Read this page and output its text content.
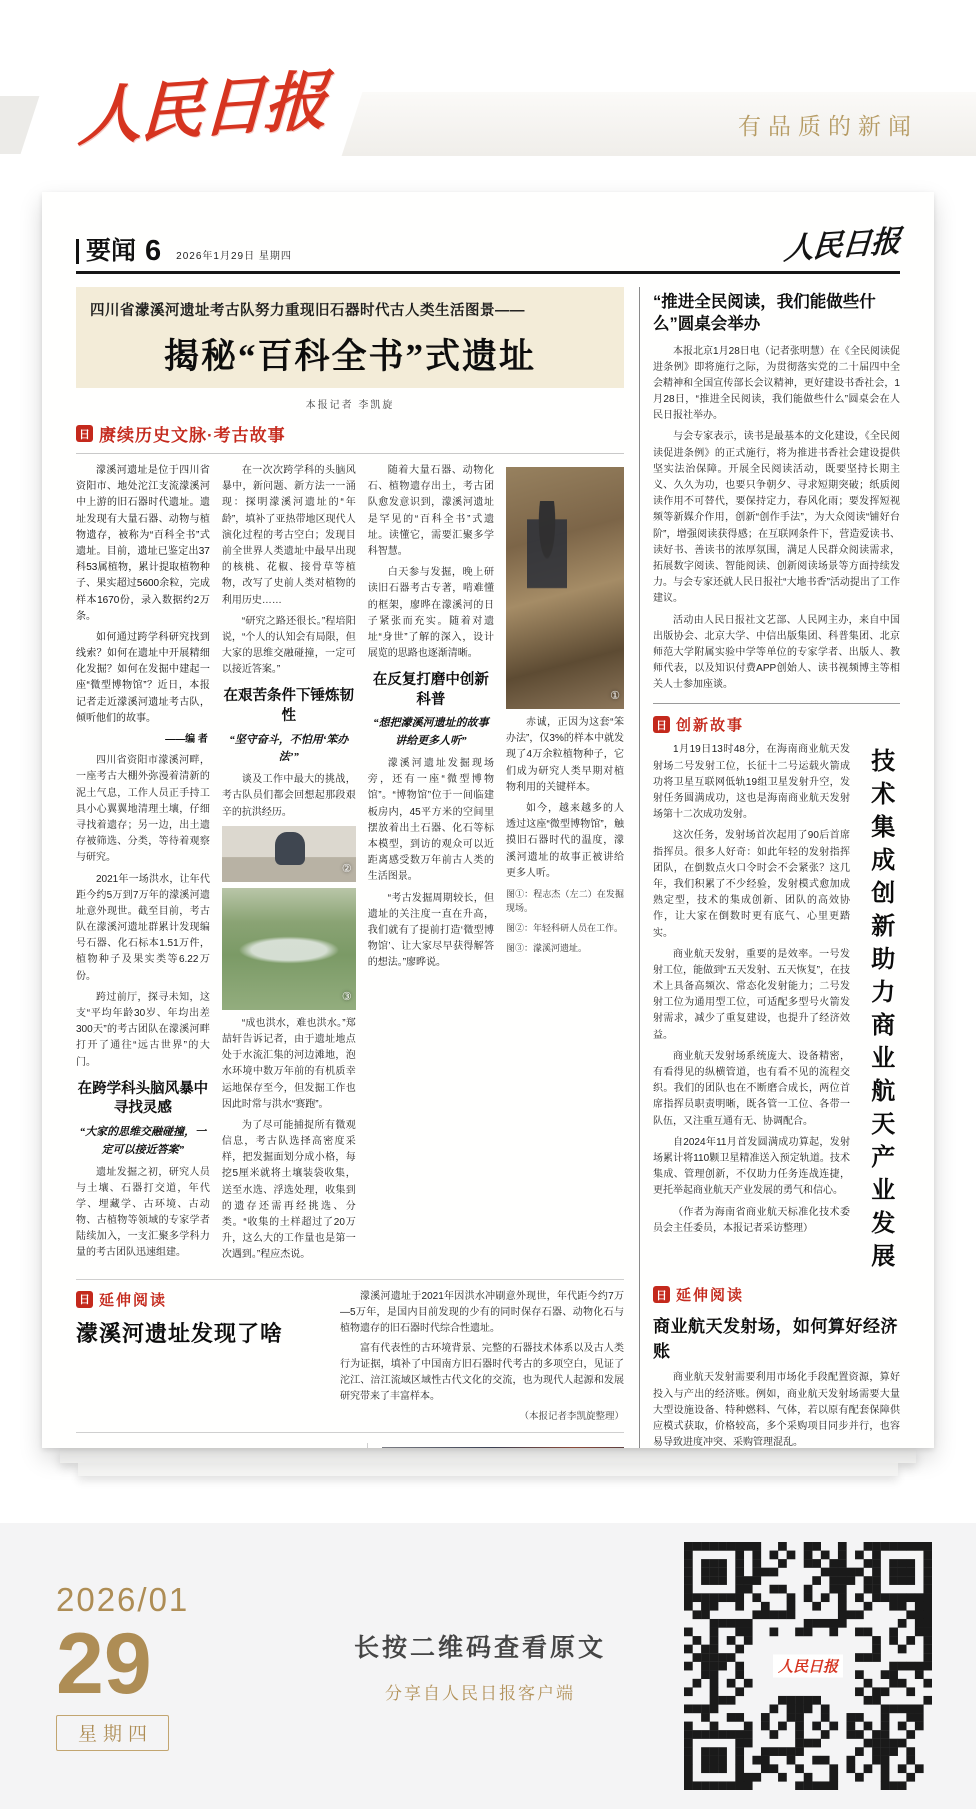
人民日报	有品质的新闻
要闻 6 2026年1月29日 星期四	人民日报
四川省濛溪河遗址考古队努力重现旧石器时代古人类生活图景——
揭秘“百科全书”式遗址
本报记者 李凯旋
日 赓续历史文脉·考古故事

濛溪河遗址是位于四川省资阳市、地处沱江支流濛溪河中上游的旧石器时代遗址。遗址发现有大量石器、动物与植物遗存，被称为“百科全书”式遗址。目前，遗址已鉴定出37科53属植物，累计提取植物种子、果实超过5600余粒，完成样本1670份，录入数据约2万条。

如何通过跨学科研究找到线索？如何在遗址中开展精细化发掘？如何在发掘中建起一座“微型博物馆”？近日，本报记者走近濛溪河遗址考古队，倾听他们的故事。

——编 者

四川省资阳市濛溪河畔，一座考古大棚外弥漫着清新的泥土气息，工作人员正手持工具小心翼翼地清理土壤，仔细寻找着遗存；另一边，出土遗存被筛选、分类，等待着观察与研究。

2021年一场洪水，让年代距今约5万到7万年的濛溪河遗址意外现世。截至目前，考古队在濛溪河遗址群累计发现编号石器、化石标本1.51万件，植物种子及果实类等6.22万份。

跨过前厅，探寻未知，这支“平均年龄30岁、年均出差300天”的考古团队在濛溪河畔打开了通往“远古世界”的大门。

在跨学科头脑风暴中寻找灵感

“大家的思维交融碰撞，一定可以接近答案”

遗址发掘之初，研究人员与土壤、石器打交道，年代学、埋藏学、古环境、古动物、古植物等领域的专家学者陆续加入，一支汇聚多学科力量的考古团队迅速组建。

在一次次跨学科的头脑风暴中，新问题、新方法一一涌现：探明濛溪河遗址的“年龄”，填补了亚热带地区现代人演化过程的考古空白；发现目前全世界人类遗址中最早出现的核桃、花椒、接骨草等植物，改写了史前人类对植物的利用历史……

“研究之路还很长。”程培阳说，“个人的认知会有局限，但大家的思维交融碰撞，一定可以接近答案。”

在艰苦条件下锤炼韧性

“坚守奋斗，不怕用‘笨办法’”

谈及工作中最大的挑战，考古队员们都会回想起那段艰辛的抗洪经历。

②
③

“成也洪水，难也洪水。”郑喆轩告诉记者，由于遗址地点处于水流汇集的河边滩地，泡水环境中数万年前的有机质幸运地保存至今，但发掘工作也因此时常与洪水“赛跑”。

为了尽可能捕捉所有微观信息，考古队选择高密度采样，把发掘面划分成小格，每挖5厘米就将土壤装袋收集，送至水选、浮选处理，收集到的遗存还需再经挑选、分类。“收集的土样超过了20万升，这么大的工作量也是第一次遇到。”程应杰说。

随着大量石器、动物化石、植物遗存出土，考古团队愈发意识到，濛溪河遗址是罕见的“百科全书”式遗址。读懂它，需要汇聚多学科智慧。

白天参与发掘，晚上研读旧石器考古专著，啃难懂的框架，廖晔在濛溪河的日子紧张而充实。随着对遗址“身世”了解的深入，设计展览的思路也逐渐清晰。

在反复打磨中创新科普

“想把濛溪河遗址的故事讲给更多人听”

濛溪河遗址发掘现场旁，还有一座“微型博物馆”。“博物馆”位于一间临建板房内，45平方米的空间里摆放着出土石器、化石等标本模型，到访的观众可以近距离感受数万年前古人类的生活图景。

“考古发掘周期较长，但遗址的关注度一直在升高，我们就有了提前打造‘微型博物馆’、让大家尽早获得解答的想法。”廖晔说。

①

赤诚，正因为这套“笨办法”，仅3%的样本中就发现了4万余粒植物种子，它们成为研究人类早期对植物利用的关键样本。

如今，越来越多的人透过这座“微型博物馆”，触摸旧石器时代的温度，濛溪河遗址的故事正被讲给更多人听。

图①：程志杰（左二）在发掘现场。

图②：年轻科研人员在工作。

图③：濛溪河遗址。

日 延伸阅读
濛溪河遗址发现了啥

濛溪河遗址于2021年因洪水冲刷意外现世，年代距今约7万—5万年，是国内目前发现的少有的同时保存石器、动物化石与植物遗存的旧石器时代综合性遗址。

富有代表性的古环境背景、完整的石器技术体系以及古人类行为证据，填补了中国南方旧石器时代考古的多项空白，见证了沱江、涪江流域区域性古代文化的交流，也为现代人起源和发展研究带来了丰富样本。

（本报记者李凯旋整理）

“推进全民阅读，我们能做些什么”圆桌会举办

本报北京1月28日电（记者张明慧）在《全民阅读促进条例》即将施行之际，为贯彻落实党的二十届四中全会精神和全国宣传部长会议精神，更好建设书香社会，1月28日，“推进全民阅读，我们能做些什么”圆桌会在人民日报社举办。

与会专家表示，读书是最基本的文化建设，《全民阅读促进条例》的正式施行，将为推进书香社会建设提供坚实法治保障。开展全民阅读活动，既要坚持长期主义、久久为功，也要只争朝夕、寻求短期突破；纸质阅读作用不可替代，要保持定力，春风化雨；要发挥短视频等新媒介作用，创新“创作手法”，为大众阅读“铺好台阶”，增强阅读获得感；在互联网条件下，营造爱读书、读好书、善读书的浓厚氛围，满足人民群众阅读需求，拓展数字阅读、智能阅读、创新阅读场景等方面持续发力。与会专家还就人民日报社“大地书香”活动提出了工作建议。

活动由人民日报社文艺部、人民网主办，来自中国出版协会、北京大学、中信出版集团、科普集团、北京师范大学附属实验中学等单位的专家学者、出版人、教师代表，以及知识付费APP创始人、读书视频博主等相关人士参加座谈。

日 创新故事

1月19日13时48分，在海南商业航天发射场二号发射工位，长征十二号运载火箭成功将卫星互联网低轨19组卫星发射升空，发射任务圆满成功，这也是海南商业航天发射场第十二次成功发射。

这次任务，发射场首次起用了90后首席指挥员。很多人好奇：如此年轻的发射指挥团队，在倒数点火口令时会不会紧张？这几年，我们积累了不少经验，发射模式愈加成熟定型，技术的集成创新、团队的高效协作，让大家在倒数时更有底气、心里更踏实。

商业航天发射，重要的是效率。一号发射工位，能做到“五天发射、五天恢复”，在技术上具备高频次、常态化发射能力；二号发射工位为通用型工位，可适配多型号火箭发射需求，减少了重复建设，也提升了经济效益。

商业航天发射场系统庞大、设备精密，有看得见的纵横管道，也有看不见的流程交织。我们的团队也在不断磨合成长，两位首席指挥员职责明晰，既各管一工位、各带一队伍，又注重互通有无、协调配合。

自2024年11月首发圆满成功算起，发射场累计将110颗卫星精准送入预定轨道。技术集成、管理创新，不仅助力任务连战连捷，更托举起商业航天产业发展的勇气和信心。

（作者为海南省商业航天标准化技术委员会主任委员，本报记者采访整理）	技术集成创新助力商业航天产业发展
日 延伸阅读
商业航天发射场，如何算好经济账

商业航天发射需要利用市场化手段配置资源，算好投入与产出的经济账。例如，商业航天发射场需要大量大型设施设备、特种燃料、气体，若以原有配套保障供应模式获取，价格较高，多个采购项目同步并行，也容易导致进度冲突、采购管理混乱。

2026/01
29
星期四
长按二维码查看原文
分享自人民日报客户端
人民日报
